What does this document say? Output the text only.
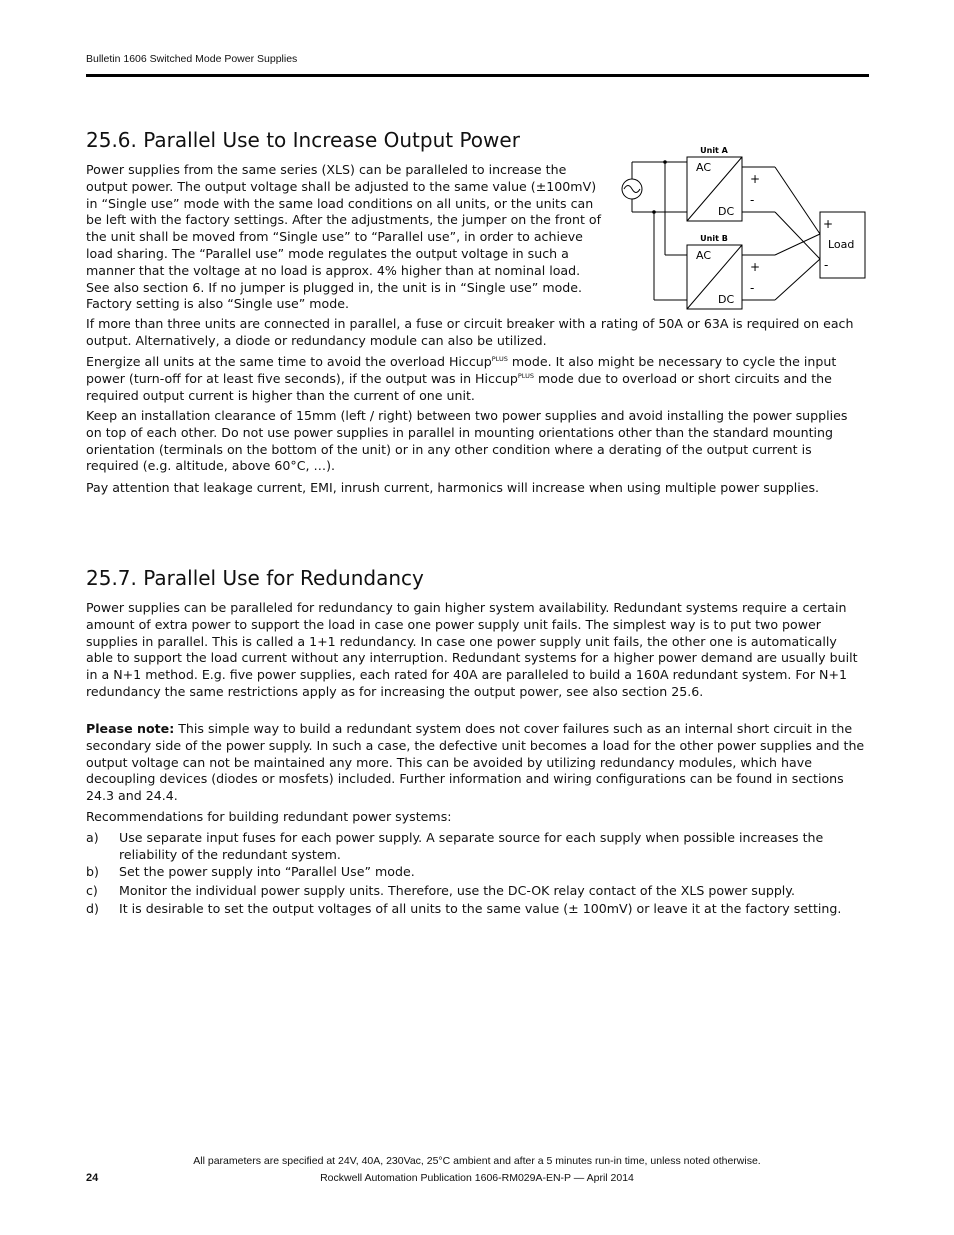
Bulletin 1606 Switched Mode Power Supplies
25.6. Parallel Use to Increase Output Power

Power supplies from the same series (XLS) can be paralleled to increase the output power. The output voltage shall be adjusted to the same value (±100mV) in “Single use” mode with the same load conditions on all units, or the units can be left with the factory settings. After the adjustments, the jumper on the front of the unit shall be moved from “Single use” to “Parallel use”, in order to achieve load sharing. The “Parallel use” mode regulates the output voltage in such a manner that the voltage at no load is approx. 4% higher than at nominal load. See also section 6. If no jumper is plugged in, the unit is in “Single use” mode. Factory setting is also “Single use” mode.

Unit A
Unit B
AC
DC
AC
DC
+
-
+
-
+
Load
-

If more than three units are connected in parallel, a fuse or circuit breaker with a rating of 50A or 63A is required on each output. Alternatively, a diode or redundancy module can also be utilized.

Energize all units at the same time to avoid the overload Hiccup$^{PLUS}$ mode. It also might be necessary to cycle the input power (turn-off for at least five seconds), if the output was in Hiccup$^{PLUS}$ mode due to overload or short circuits and the required output current is higher than the current of one unit.

Keep an installation clearance of 15mm (left / right) between two power supplies and avoid installing the power supplies on top of each other. Do not use power supplies in parallel in mounting orientations other than the standard mounting orientation (terminals on the bottom of the unit) or in any other condition where a derating of the output current is required (e.g. altitude, above 60°C, …).

Pay attention that leakage current, EMI, inrush current, harmonics will increase when using multiple power supplies.

25.7. Parallel Use for Redundancy

Power supplies can be paralleled for redundancy to gain higher system availability. Redundant systems require a certain amount of extra power to support the load in case one power supply unit fails. The simplest way is to put two power supplies in parallel. This is called a 1+1 redundancy. In case one power supply unit fails, the other one is automatically able to support the load current without any interruption. Redundant systems for a higher power demand are usually built in a N+1 method. E.g. five power supplies, each rated for 40A are paralleled to build a 160A redundant system. For N+1 redundancy the same restrictions apply as for increasing the output power, see also section 25.6.

Please note: This simple way to build a redundant system does not cover failures such as an internal short circuit in the secondary side of the power supply. In such a case, the defective unit becomes a load for the other power supplies and the output voltage can not be maintained any more. This can be avoided by utilizing redundancy modules, which have decoupling devices (diodes or mosfets) included. Further information and wiring configurations can be found in sections 24.3 and 24.4.

Recommendations for building redundant power systems:

a)	Use separate input fuses for each power supply. A separate source for each supply when possible increases the reliability of the redundant system.
b)	Set the power supply into “Parallel Use” mode.
c)	Monitor the individual power supply units. Therefore, use the DC-OK relay contact of the XLS power supply.
d)	It is desirable to set the output voltages of all units to the same value (± 100mV) or leave it at the factory setting.
All parameters are specified at 24V, 40A, 230Vac, 25°C ambient and after a 5 minutes run-in time, unless noted otherwise.
24	Rockwell Automation Publication 1606-RM029A-EN-P — April 2014
